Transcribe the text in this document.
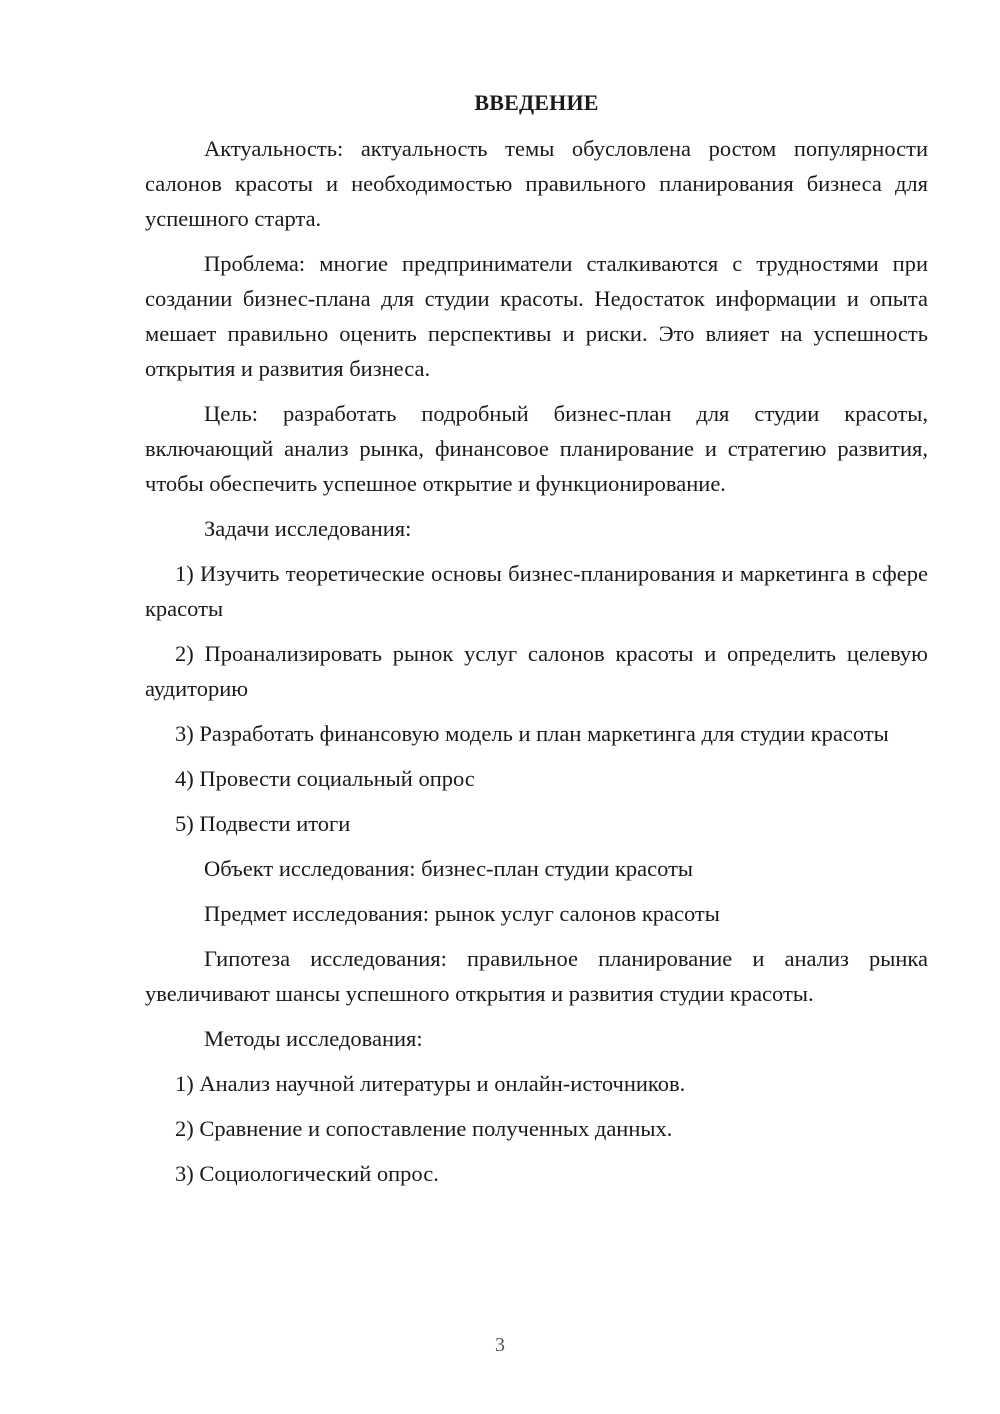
ВВЕДЕНИЕ

Актуальность: актуальность темы обусловлена ростом популярности салонов красоты и необходимостью правильного планирования бизнеса для успешного старта.

Проблема: многие предприниматели сталкиваются с трудностями при создании бизнес-плана для студии красоты. Недостаток информации и опыта мешает правильно оценить перспективы и риски. Это влияет на успешность открытия и развития бизнеса.

Цель: разработать подробный бизнес-план для студии красоты, включающий анализ рынка, финансовое планирование и стратегию развития, чтобы обеспечить успешное открытие и функционирование.

Задачи исследования:

1) Изучить теоретические основы бизнес-планирования и маркетинга в сфере красоты

2) Проанализировать рынок услуг салонов красоты и определить целевую аудиторию

3) Разработать финансовую модель и план маркетинга для студии красоты

4) Провести социальный опрос

5) Подвести итоги

Объект исследования: бизнес-план студии красоты

Предмет исследования: рынок услуг салонов красоты

Гипотеза исследования: правильное планирование и анализ рынка увеличивают шансы успешного открытия и развития студии красоты.

Методы исследования:

1) Анализ научной литературы и онлайн-источников.

2) Сравнение и сопоставление полученных данных.

3) Социологический опрос.

3
